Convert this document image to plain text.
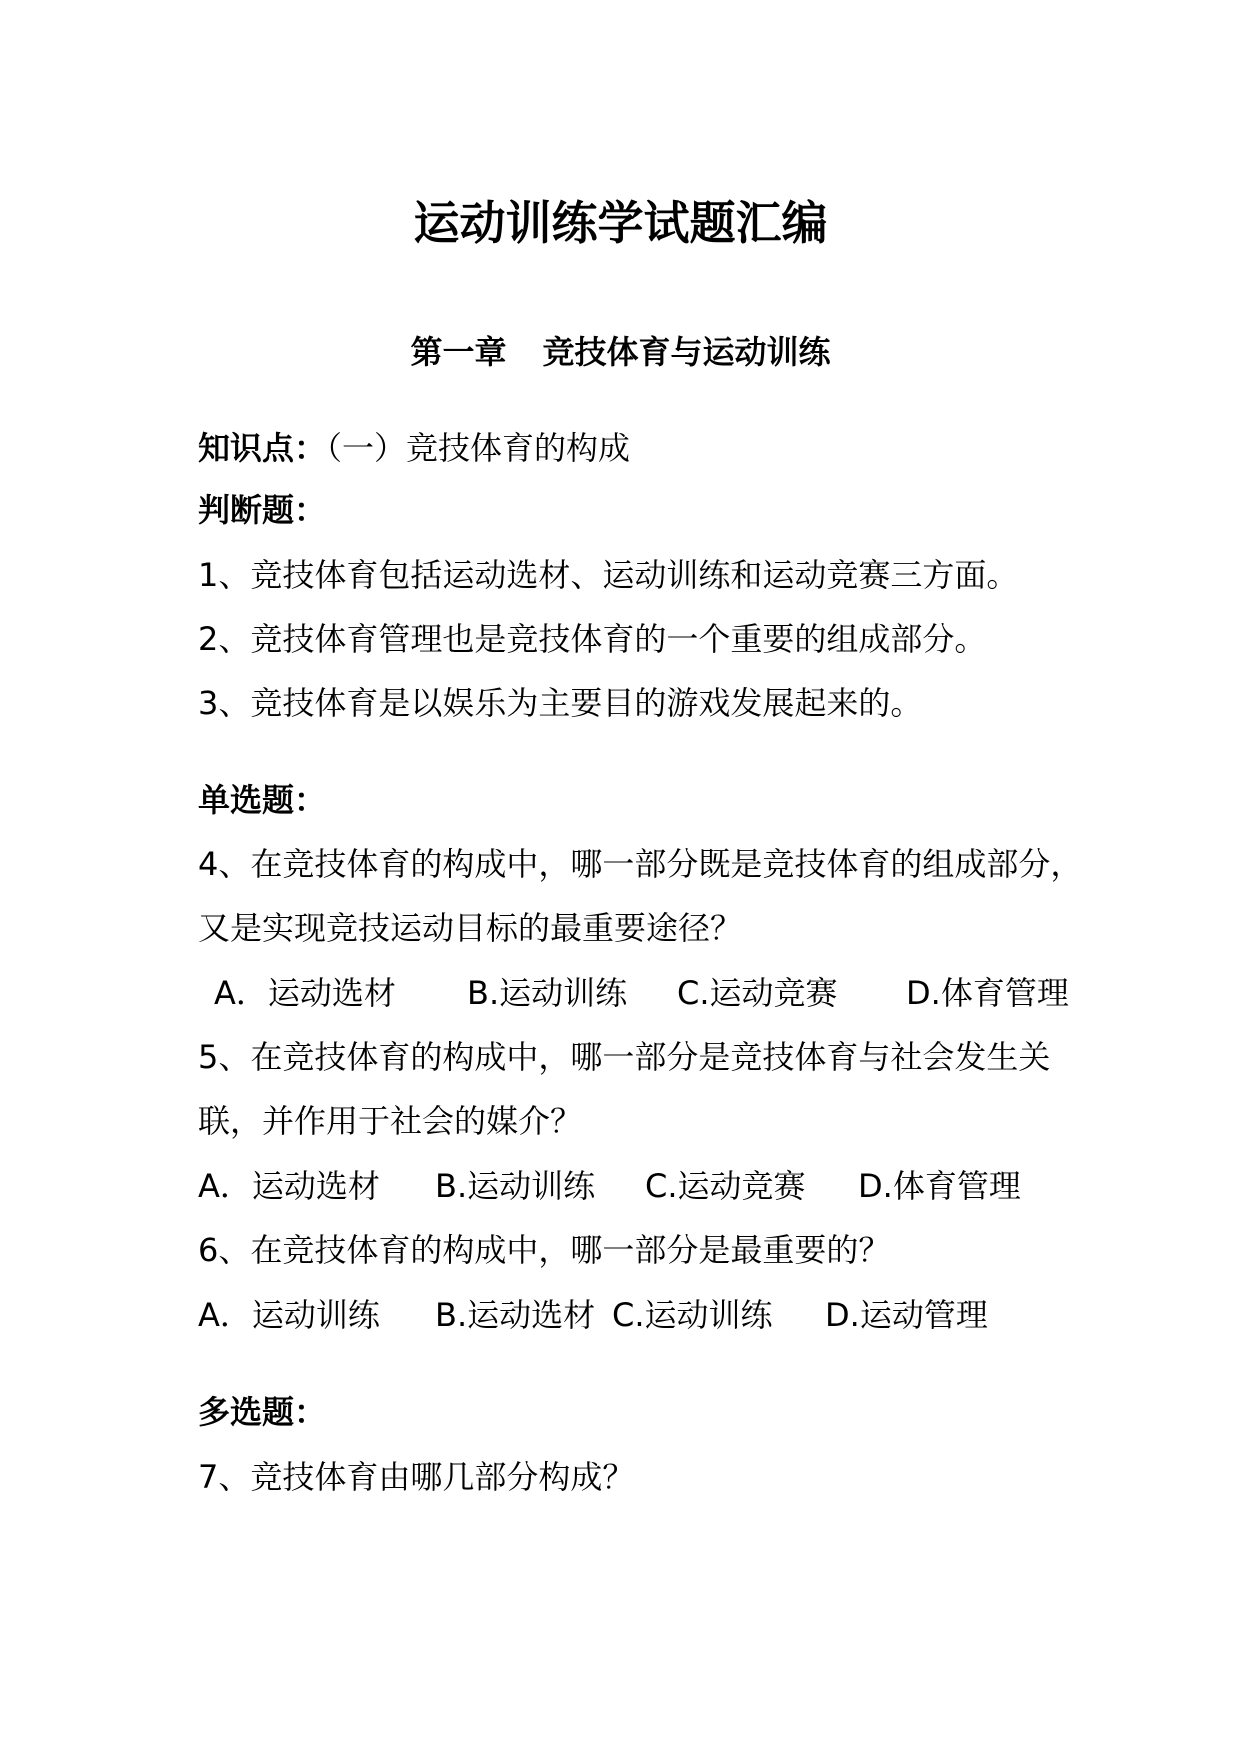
运动训练学试题汇编
第一章 竞技体育与运动训练
知识点：（一）竞技体育的构成
判断题：
1、竞技体育包括运动选材、运动训练和运动竞赛三方面。
2、竞技体育管理也是竞技体育的一个重要的组成部分。
3、竞技体育是以娱乐为主要目的游戏发展起来的。
单选题：
4、在竞技体育的构成中，哪一部分既是竞技体育的组成部分，
又是实现竞技运动目标的最重要途径？
A．运动选材	B.运动训练	C.运动竞赛	D.体育管理
5、在竞技体育的构成中，哪一部分是竞技体育与社会发生关
联，并作用于社会的媒介？
A．运动选材	B.运动训练	C.运动竞赛	D.体育管理
6、在竞技体育的构成中，哪一部分是最重要的？
A．运动训练	B.运动选材 C.运动训练	D.运动管理
多选题：
7、竞技体育由哪几部分构成？
